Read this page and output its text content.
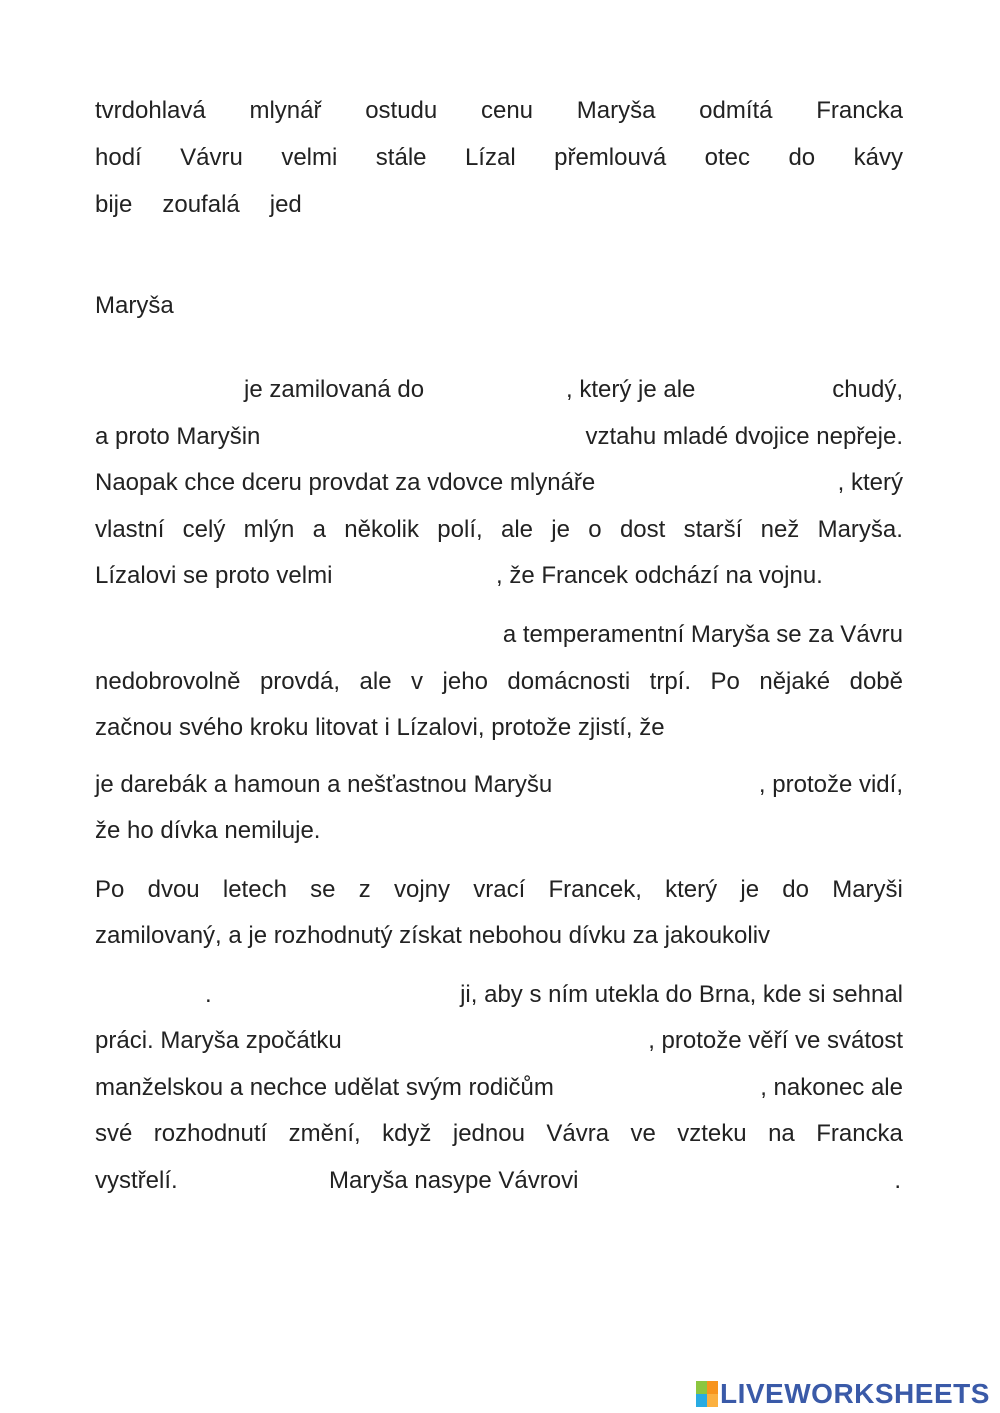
tvrdohlavá mlynář ostudu cenu Maryša odmítá Francka
hodí Vávru velmi stále Lízal přemlouvá otec do kávy
bije zoufalá jed
Maryša
je zamilovaná do	, který je ale	chudý,
a proto Maryšin	vztahu mladé dvojice nepřeje.
Naopak chce dceru provdat za vdovce mlynáře	, který
vlastní celý mlýn a několik polí, ale je o dost starší než Maryša.
Lízalovi se proto velmi	, že Francek odchází na vojnu.
a temperamentní Maryša se za Vávru
nedobrovolně provdá, ale v jeho domácnosti trpí. Po nějaké době
začnou svého kroku litovat i Lízalovi, protože zjistí, že
je darebák a hamoun a nešťastnou Maryšu	, protože vidí,
že ho dívka nemiluje.
Po dvou letech se z vojny vrací Francek, který je do Maryši
zamilovaný, a je rozhodnutý získat nebohou dívku za jakoukoliv
.	ji, aby s ním utekla do Brna, kde si sehnal
práci. Maryša zpočátku	, protože věří ve svátost
manželskou a nechce udělat svým rodičům	, nakonec ale
své rozhodnutí změní, když jednou Vávra ve vzteku na Francka
vystřelí.	Maryša nasype Vávrovi	.
LIVEWORKSHEETS
